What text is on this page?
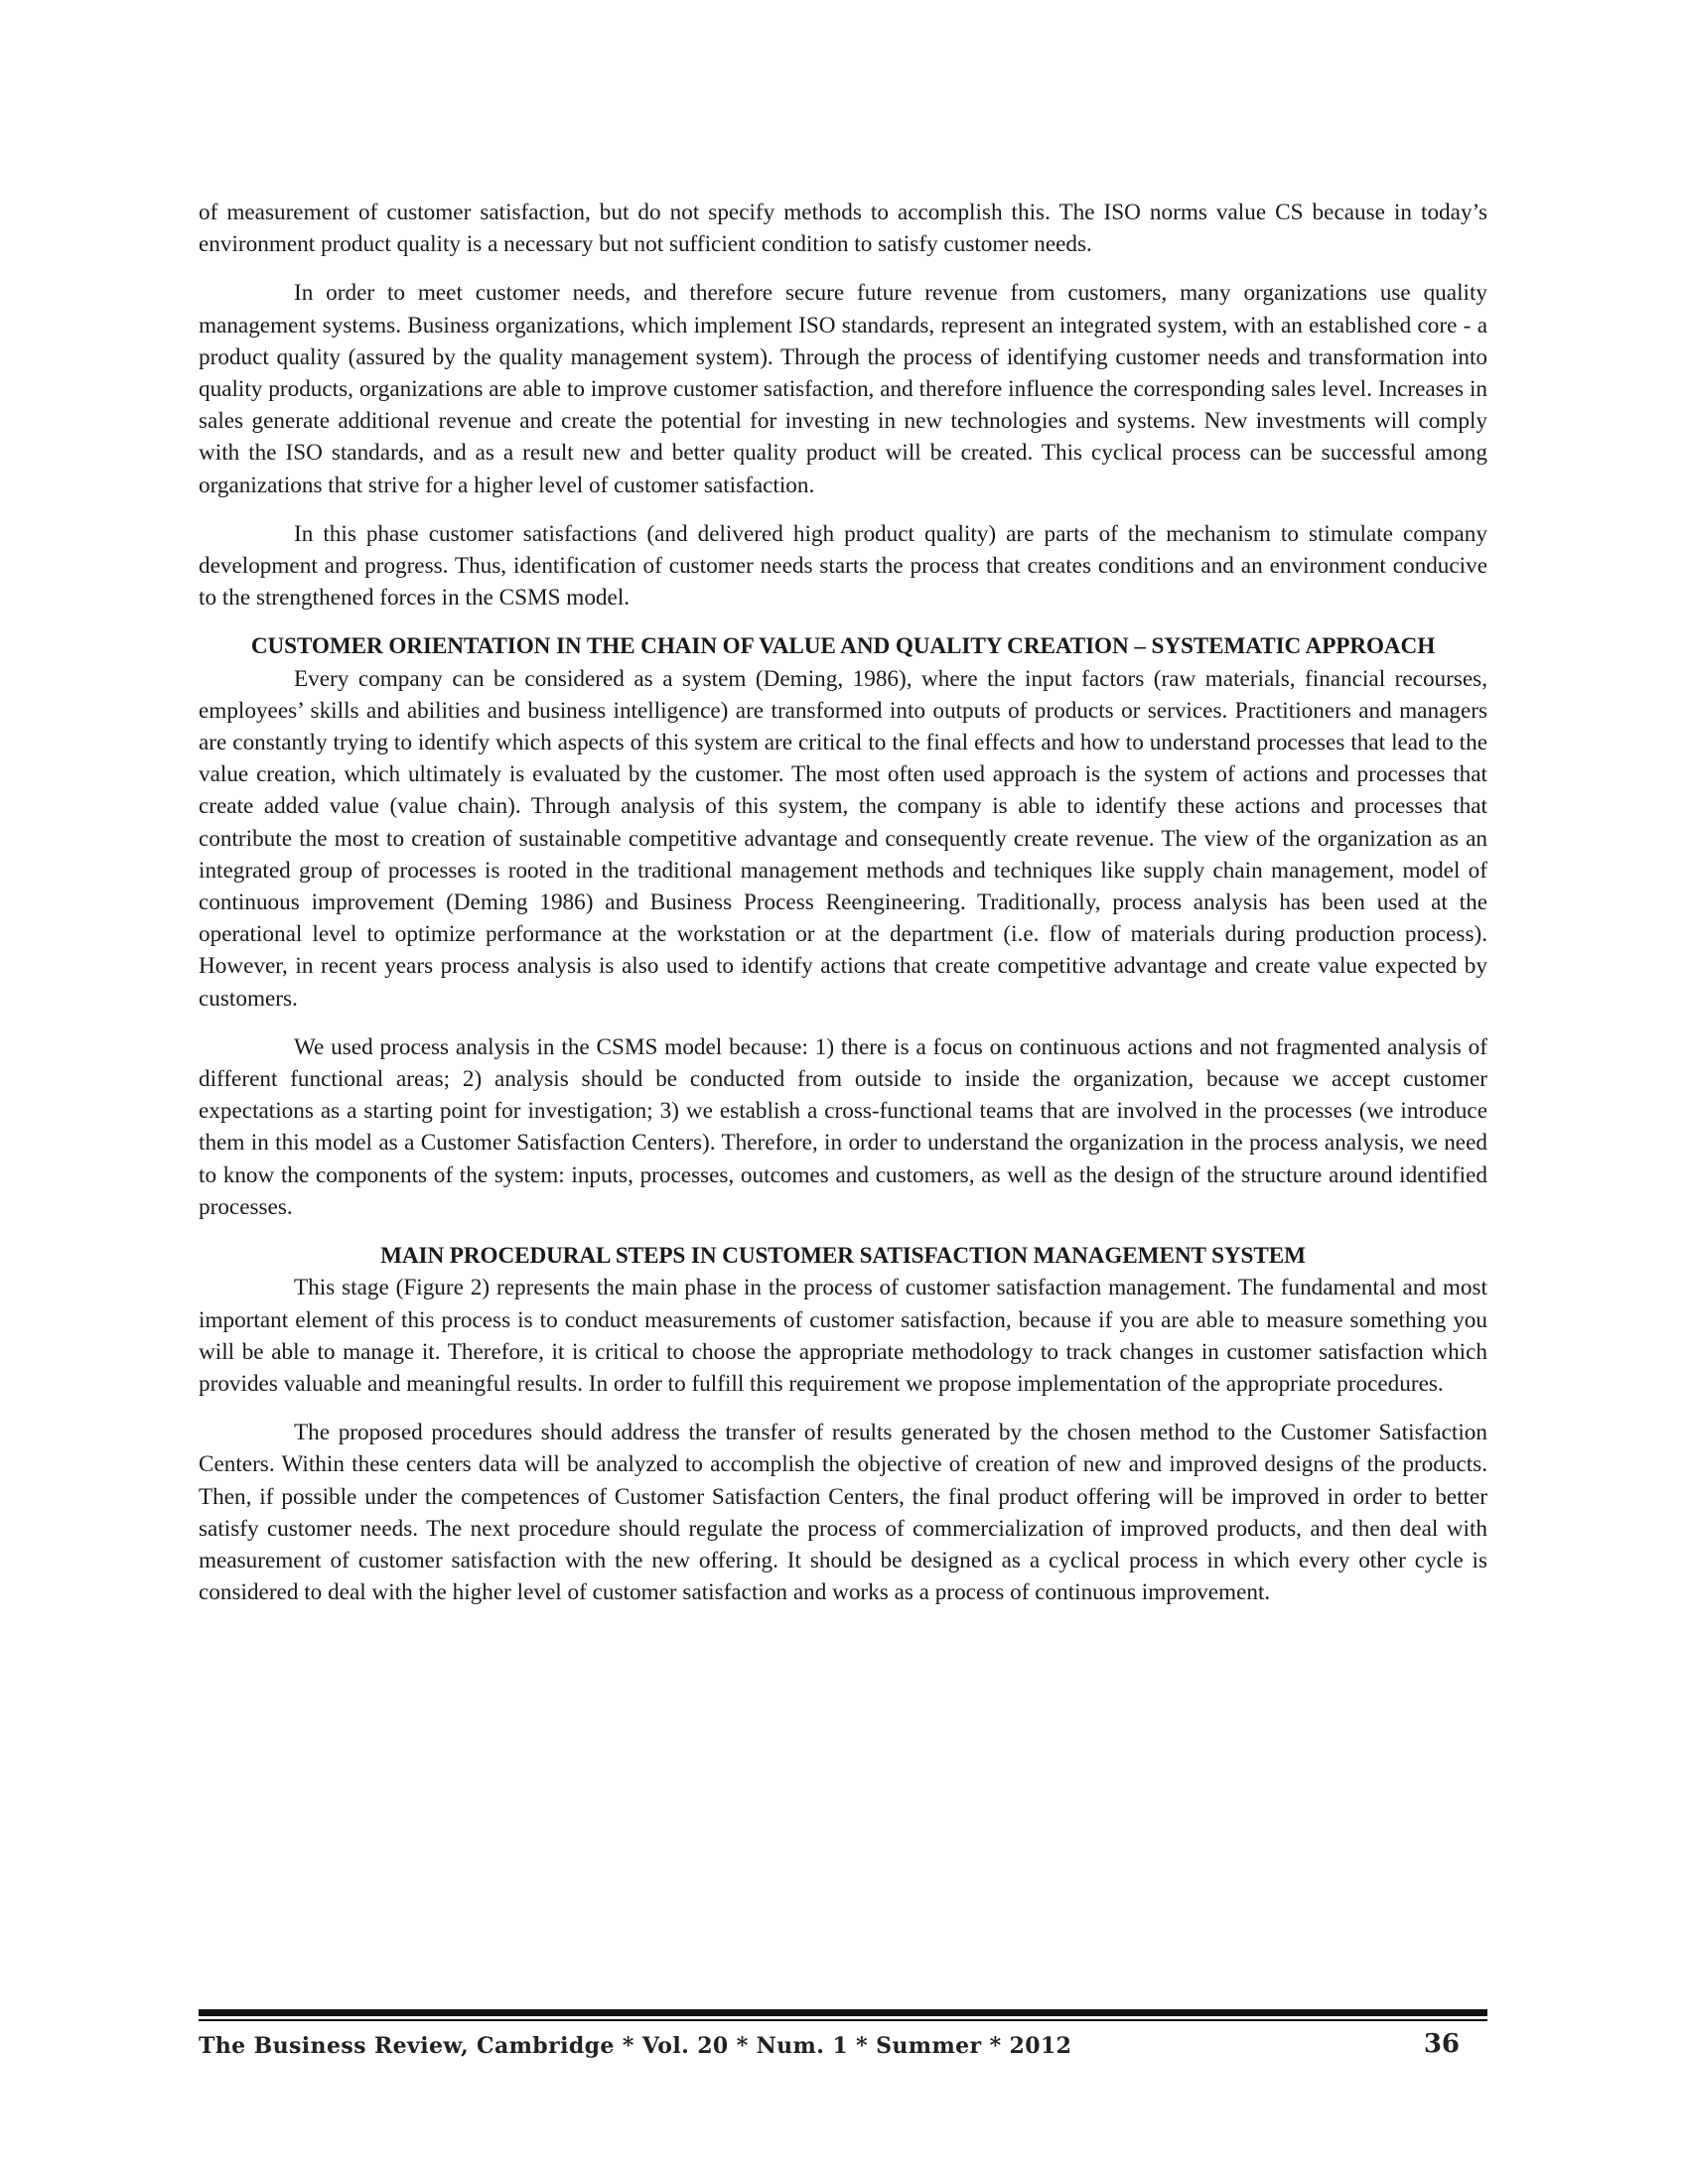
of measurement of customer satisfaction, but do not specify methods to accomplish this. The ISO norms value CS because in today’s environment product quality is a necessary but not sufficient condition to satisfy customer needs.

In order to meet customer needs, and therefore secure future revenue from customers, many organizations use quality management systems. Business organizations, which implement ISO standards, represent an integrated system, with an established core - a product quality (assured by the quality management system). Through the process of identifying customer needs and transformation into quality products, organizations are able to improve customer satisfaction, and therefore influence the corresponding sales level. Increases in sales generate additional revenue and create the potential for investing in new technologies and systems. New investments will comply with the ISO standards, and as a result new and better quality product will be created. This cyclical process can be successful among organizations that strive for a higher level of customer satisfaction.

In this phase customer satisfactions (and delivered high product quality) are parts of the mechanism to stimulate company development and progress. Thus, identification of customer needs starts the process that creates conditions and an environment conducive to the strengthened forces in the CSMS model.

CUSTOMER ORIENTATION IN THE CHAIN OF VALUE AND QUALITY CREATION – SYSTEMATIC APPROACH

Every company can be considered as a system (Deming, 1986), where the input factors (raw materials, financial recourses, employees’ skills and abilities and business intelligence) are transformed into outputs of products or services. Practitioners and managers are constantly trying to identify which aspects of this system are critical to the final effects and how to understand processes that lead to the value creation, which ultimately is evaluated by the customer. The most often used approach is the system of actions and processes that create added value (value chain). Through analysis of this system, the company is able to identify these actions and processes that contribute the most to creation of sustainable competitive advantage and consequently create revenue. The view of the organization as an integrated group of processes is rooted in the traditional management methods and techniques like supply chain management, model of continuous improvement (Deming 1986) and Business Process Reengineering. Traditionally, process analysis has been used at the operational level to optimize performance at the workstation or at the department (i.e. flow of materials during production process). However, in recent years process analysis is also used to identify actions that create competitive advantage and create value expected by customers.

We used process analysis in the CSMS model because: 1) there is a focus on continuous actions and not fragmented analysis of different functional areas; 2) analysis should be conducted from outside to inside the organization, because we accept customer expectations as a starting point for investigation; 3) we establish a cross-functional teams that are involved in the processes (we introduce them in this model as a Customer Satisfaction Centers). Therefore, in order to understand the organization in the process analysis, we need to know the components of the system: inputs, processes, outcomes and customers, as well as the design of the structure around identified processes.

MAIN PROCEDURAL STEPS IN CUSTOMER SATISFACTION MANAGEMENT SYSTEM

This stage (Figure 2) represents the main phase in the process of customer satisfaction management. The fundamental and most important element of this process is to conduct measurements of customer satisfaction, because if you are able to measure something you will be able to manage it. Therefore, it is critical to choose the appropriate methodology to track changes in customer satisfaction which provides valuable and meaningful results. In order to fulfill this requirement we propose implementation of the appropriate procedures.

The proposed procedures should address the transfer of results generated by the chosen method to the Customer Satisfaction Centers. Within these centers data will be analyzed to accomplish the objective of creation of new and improved designs of the products. Then, if possible under the competences of Customer Satisfaction Centers, the final product offering will be improved in order to better satisfy customer needs. The next procedure should regulate the process of commercialization of improved products, and then deal with measurement of customer satisfaction with the new offering. It should be designed as a cyclical process in which every other cycle is considered to deal with the higher level of customer satisfaction and works as a process of continuous improvement.

The Business Review, Cambridge * Vol. 20 * Num. 1 * Summer * 2012	36
